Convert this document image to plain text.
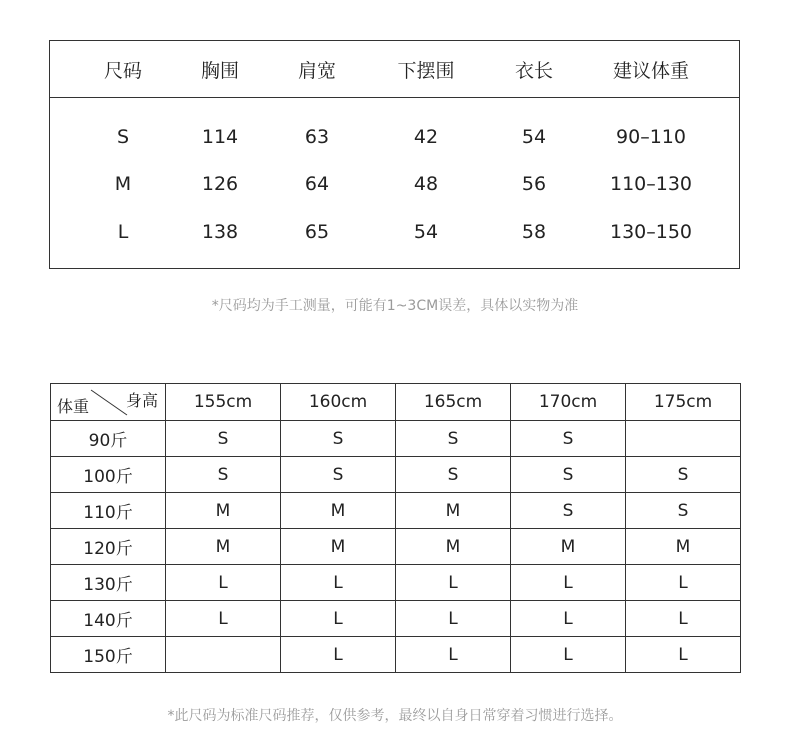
尺码	胸围	肩宽	下摆围	衣长	建议体重
S	114	63	42	54	90–110
M	126	64	48	56	110–130
L	138	65	54	58	130–150
*尺码均为手工测量，可能有1~3CM误差，具体以实物为准
体重 身高	155cm	160cm	165cm	170cm	175cm
90斤	S	S	S	S	
100斤	S	S	S	S	S
110斤	M	M	M	S	S
120斤	M	M	M	M	M
130斤	L	L	L	L	L
140斤	L	L	L	L	L
150斤		L	L	L	L
*此尺码为标准尺码推荐，仅供参考，最终以自身日常穿着习惯进行选择。
